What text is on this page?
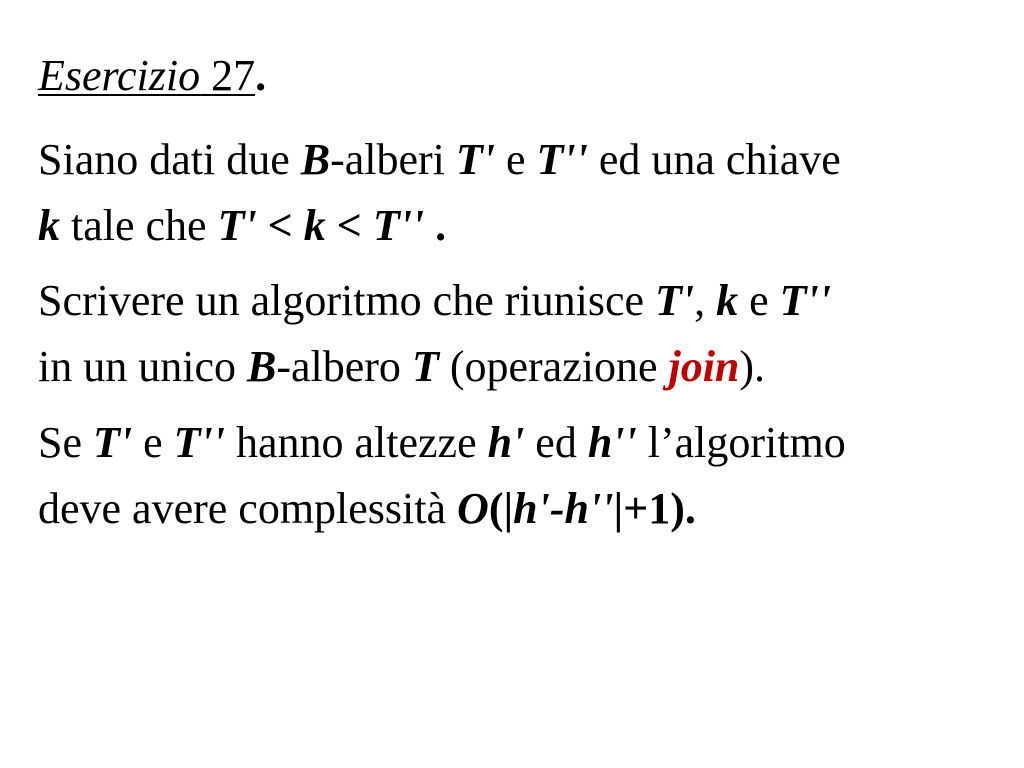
Esercizio 27.

Siano dati due B-alberi T' e T'' ed una chiave
k tale che T' < k < T'' .

Scrivere un algoritmo che riunisce T', k e T''
in un unico B-albero T (operazione join).

Se T' e T'' hanno altezze h' ed h'' l’algoritmo
deve avere complessità O(|h'-h''|+1).
